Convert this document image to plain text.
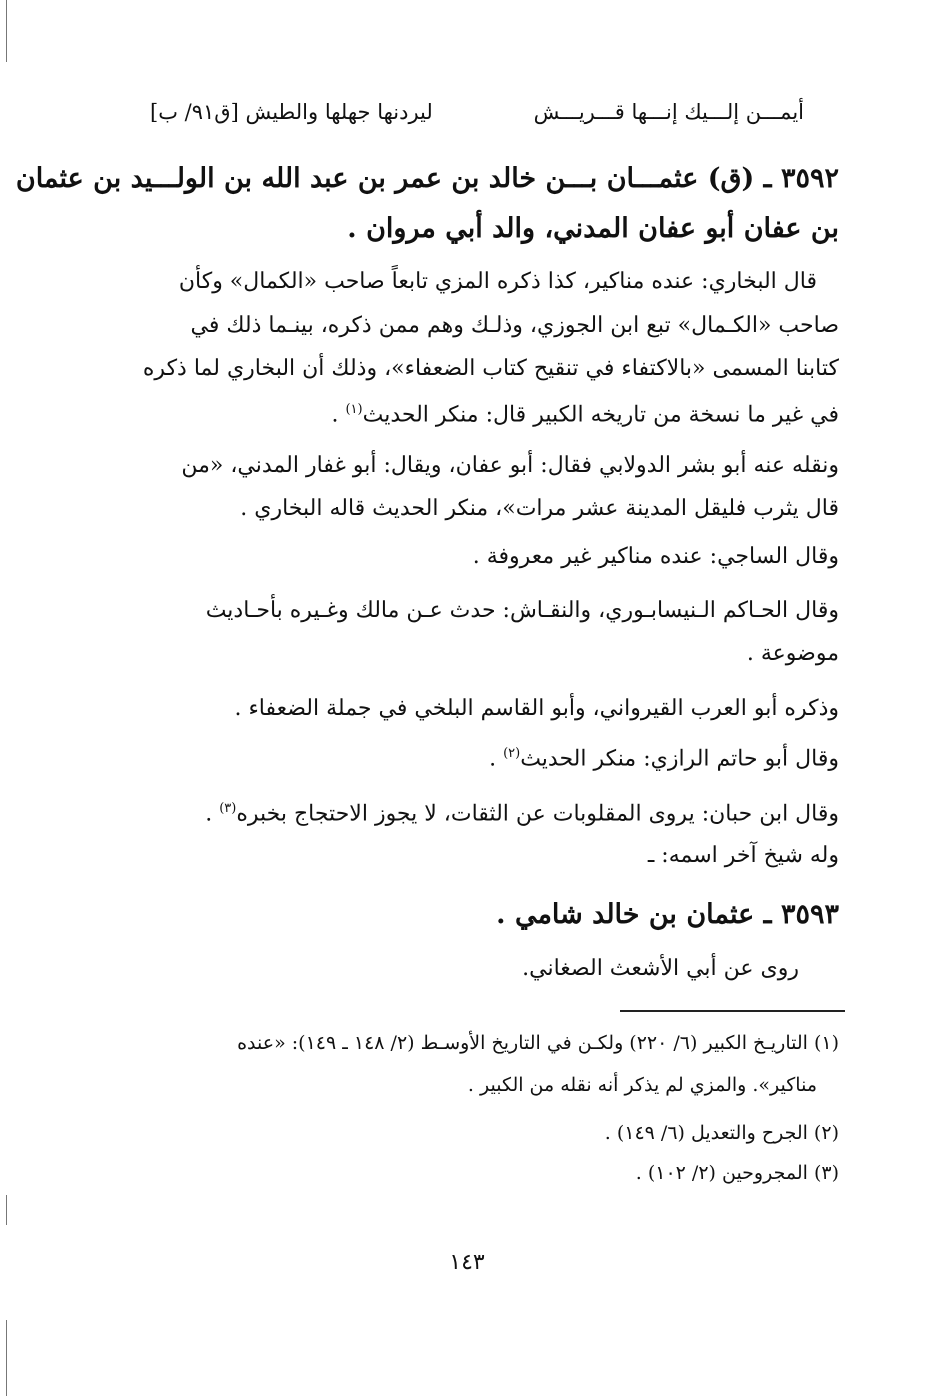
أيمـــن إلـــيك إنـــها قـــريـــش
ليردنها جهلها والطيش [ق٩١/ ب]
٣٥٩٢ ـ (ق) عثمـــان بـــن خالد بن عمر بن عبد الله بن الولـــيد بن عثمان
بن عفان أبو عفان المدني، والد أبي مروان .
قال البخاري: عنده مناكير، كذا ذكره المزي تابعاً صاحب «الكمال» وكأن
صاحب «الكـمال» تبع ابن الجوزي، وذلـك وهم ممن ذكره، بينـما ذلك في
كتابنا المسمى «بالاكتفاء في تنقيح كتاب الضعفاء»، وذلك أن البخاري لما ذكره
في غير ما نسخة من تاريخه الكبير قال: منكر الحديث$^{(١)}$ .
ونقله عنه أبو بشر الدولابي فقال: أبو عفان، ويقال: أبو غفار المدني، «من
قال يثرب فليقل المدينة عشر مرات»، منكر الحديث قاله البخاري .
وقال الساجي: عنده مناكير غير معروفة .
وقال الحـاكم الـنيسابـوري، والنقـاش: حدث عـن مالك وغـيره بأحـاديث
موضوعة .
وذكره أبو العرب القيرواني، وأبو القاسم البلخي في جملة الضعفاء .
وقال أبو حاتم الرازي: منكر الحديث$^{(٢)}$ .
وقال ابن حبان: يروى المقلوبات عن الثقات، لا يجوز الاحتجاج بخبره$^{(٣)}$ .
وله شيخ آخر اسمه: ـ
٣٥٩٣ ـ عثمان بن خالد شامي .
روى عن أبي الأشعث الصغاني.
(١) التاريـخ الكبير (٦/ ٢٢٠) ولكـن في التاريخ الأوسـط (٢/ ١٤٨ ـ ١٤٩): «عنده
مناكير». والمزي لم يذكر أنه نقله من الكبير .
(٢) الجرح والتعديل (٦/ ١٤٩) .
(٣) المجروحين (٢/ ١٠٢) .
١٤٣
